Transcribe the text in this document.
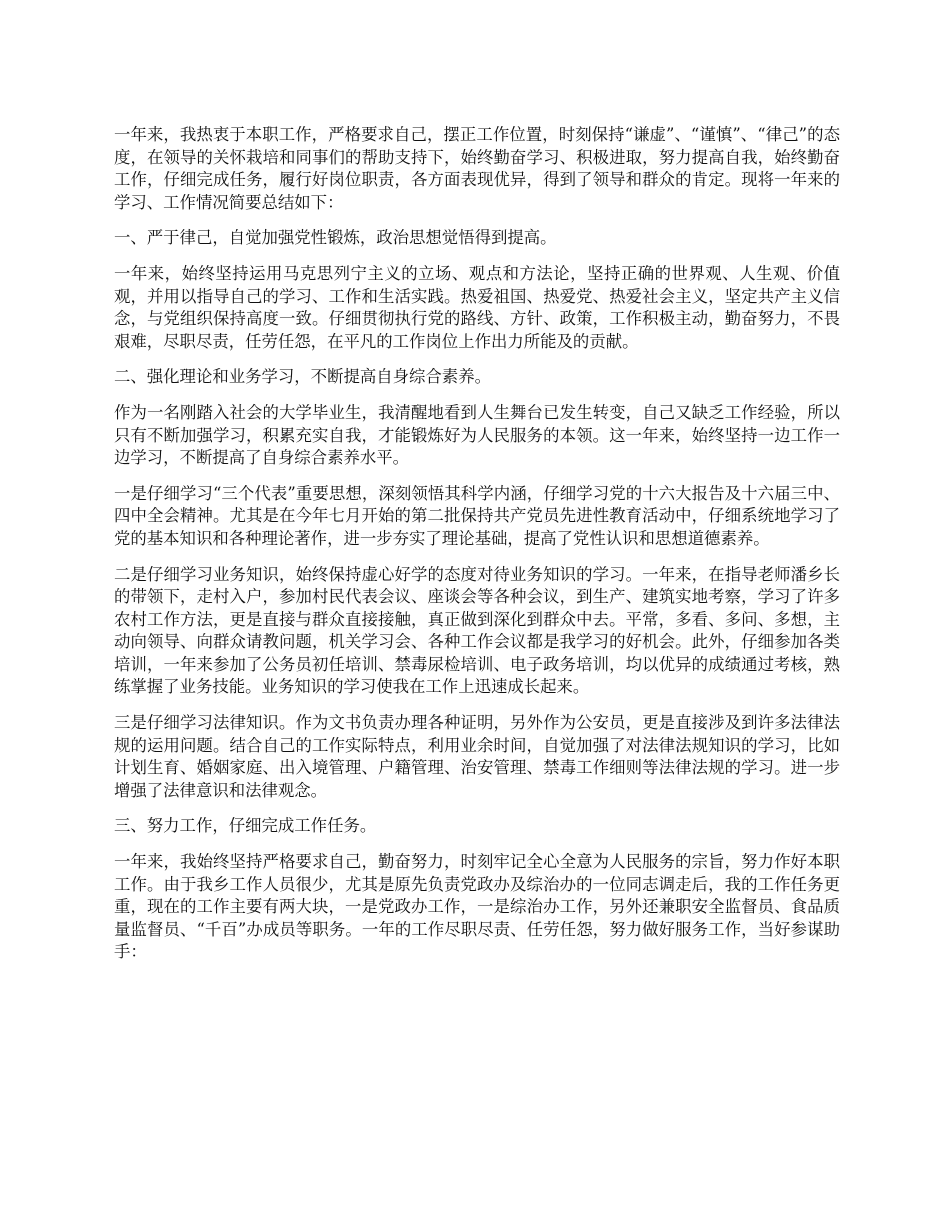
一年来，我热衷于本职工作，严格要求自己，摆正工作位置，时刻保持“谦虚”、“谨慎”、“律己”的态度，在领导的关怀栽培和同事们的帮助支持下，始终勤奋学习、积极进取，努力提高自我，始终勤奋工作，仔细完成任务，履行好岗位职责，各方面表现优异，得到了领导和群众的肯定。现将一年来的学习、工作情况简要总结如下：

一、严于律己，自觉加强党性锻炼，政治思想觉悟得到提高。

一年来，始终坚持运用马克思列宁主义的立场、观点和方法论，坚持正确的世界观、人生观、价值观，并用以指导自己的学习、工作和生活实践。热爱祖国、热爱党、热爱社会主义，坚定共产主义信念，与党组织保持高度一致。仔细贯彻执行党的路线、方针、政策，工作积极主动，勤奋努力，不畏艰难，尽职尽责，任劳任怨，在平凡的工作岗位上作出力所能及的贡献。

二、强化理论和业务学习，不断提高自身综合素养。

作为一名刚踏入社会的大学毕业生，我清醒地看到人生舞台已发生转变，自己又缺乏工作经验，所以只有不断加强学习，积累充实自我，才能锻炼好为人民服务的本领。这一年来，始终坚持一边工作一边学习，不断提高了自身综合素养水平。

一是仔细学习“三个代表”重要思想，深刻领悟其科学内涵，仔细学习党的十六大报告及十六届三中、四中全会精神。尤其是在今年七月开始的第二批保持共产党员先进性教育活动中，仔细系统地学习了党的基本知识和各种理论著作，进一步夯实了理论基础，提高了党性认识和思想道德素养。

二是仔细学习业务知识，始终保持虚心好学的态度对待业务知识的学习。一年来，在指导老师潘乡长的带领下，走村入户，参加村民代表会议、座谈会等各种会议，到生产、建筑实地考察，学习了许多农村工作方法，更是直接与群众直接接触，真正做到深化到群众中去。平常，多看、多问、多想，主动向领导、向群众请教问题，机关学习会、各种工作会议都是我学习的好机会。此外，仔细参加各类培训，一年来参加了公务员初任培训、禁毒尿检培训、电子政务培训，均以优异的成绩通过考核，熟练掌握了业务技能。业务知识的学习使我在工作上迅速成长起来。

三是仔细学习法律知识。作为文书负责办理各种证明，另外作为公安员，更是直接涉及到许多法律法规的运用问题。结合自己的工作实际特点，利用业余时间，自觉加强了对法律法规知识的学习，比如计划生育、婚姻家庭、出入境管理、户籍管理、治安管理、禁毒工作细则等法律法规的学习。进一步增强了法律意识和法律观念。

三、努力工作，仔细完成工作任务。

一年来，我始终坚持严格要求自己，勤奋努力，时刻牢记全心全意为人民服务的宗旨，努力作好本职工作。由于我乡工作人员很少，尤其是原先负责党政办及综治办的一位同志调走后，我的工作任务更重，现在的工作主要有两大块，一是党政办工作，一是综治办工作，另外还兼职安全监督员、食品质量监督员、“千百”办成员等职务。一年的工作尽职尽责、任劳任怨，努力做好服务工作，当好参谋助手：
